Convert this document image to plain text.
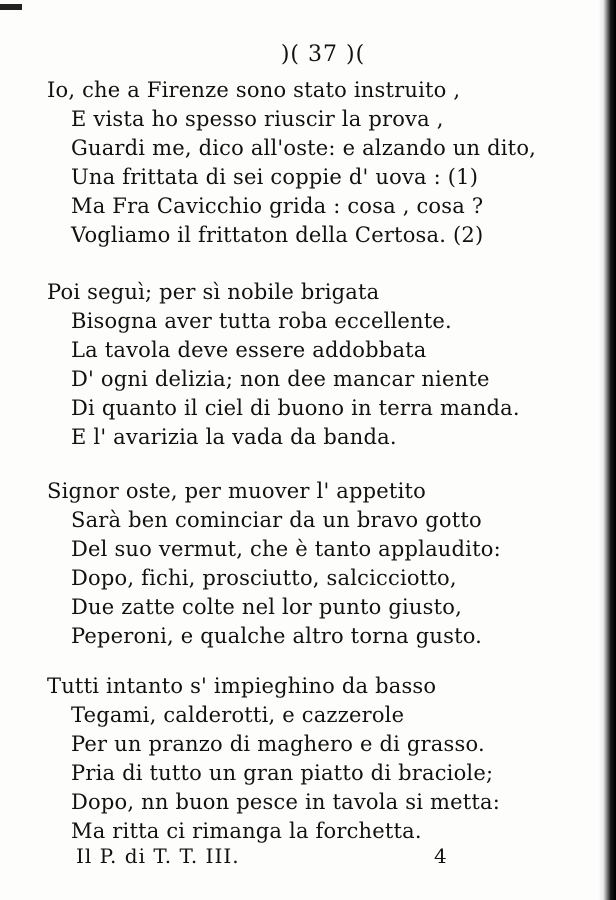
)( 37 )(
Io, che a Firenze sono stato instruito ,
E vista ho spesso riuscir la prova ,
Guardi me, dico all'oste: e alzando un dito,
Una frittata di sei coppie d' uova : (1)
Ma Fra Cavicchio grida : cosa , cosa ?
Vogliamo il frittaton della Certosa. (2)
Poi seguì; per sì nobile brigata
Bisogna aver tutta roba eccellente.
La tavola deve essere addobbata
D' ogni delizia; non dee mancar niente
Di quanto il ciel di buono in terra manda.
E l' avarizia la vada da banda.
Signor oste, per muover l' appetito
Sarà ben cominciar da un bravo gotto
Del suo vermut, che è tanto applaudito:
Dopo, fichi, prosciutto, salcicciotto,
Due zatte colte nel lor punto giusto,
Peperoni, e qualche altro torna gusto.
Tutti intanto s' impieghino da basso
Tegami, calderotti, e cazzerole
Per un pranzo di maghero e di grasso.
Pria di tutto un gran piatto di braciole;
Dopo, nn buon pesce in tavola si metta:
Ma ritta ci rimanga la forchetta.
Il P. di T. T. III.	4
